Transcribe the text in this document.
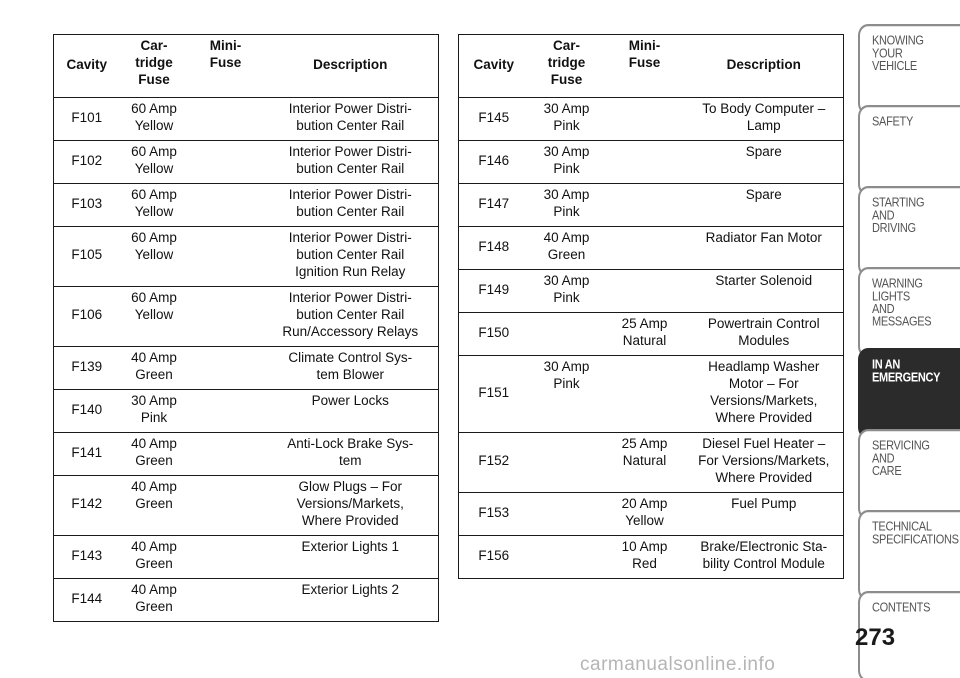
Cavity	Car-
tridge
Fuse	Mini-
Fuse	Description
F101	60 Amp
Yellow		Interior Power Distri-
bution Center Rail
F102	60 Amp
Yellow		Interior Power Distri-
bution Center Rail
F103	60 Amp
Yellow		Interior Power Distri-
bution Center Rail
F105	60 Amp
Yellow		Interior Power Distri-
bution Center Rail
Ignition Run Relay
F106	60 Amp
Yellow		Interior Power Distri-
bution Center Rail
Run/Accessory Relays
F139	40 Amp
Green		Climate Control Sys-
tem Blower
F140	30 Amp
Pink		Power Locks
F141	40 Amp
Green		Anti-Lock Brake Sys-
tem
F142	40 Amp
Green		Glow Plugs – For
Versions/Markets,
Where Provided
F143	40 Amp
Green		Exterior Lights 1
F144	40 Amp
Green		Exterior Lights 2

Cavity	Car-
tridge
Fuse	Mini-
Fuse	Description
F145	30 Amp
Pink		To Body Computer –
Lamp
F146	30 Amp
Pink		Spare
F147	30 Amp
Pink		Spare
F148	40 Amp
Green		Radiator Fan Motor
F149	30 Amp
Pink		Starter Solenoid
F150		25 Amp
Natural	Powertrain Control
Modules
F151	30 Amp
Pink		Headlamp Washer
Motor – For
Versions/Markets,
Where Provided
F152		25 Amp
Natural	Diesel Fuel Heater –
For Versions/Markets,
Where Provided
F153		20 Amp
Yellow	Fuel Pump
F156		10 Amp
Red	Brake/Electronic Sta-
bility Control Module
KNOWING
YOUR
VEHICLE
SAFETY
STARTING
AND
DRIVING
WARNING
LIGHTS
AND
MESSAGES
IN AN
EMERGENCY
SERVICING
AND
CARE
TECHNICAL
SPECIFICATIONS
CONTENTS
273
carmanualsonline.info
